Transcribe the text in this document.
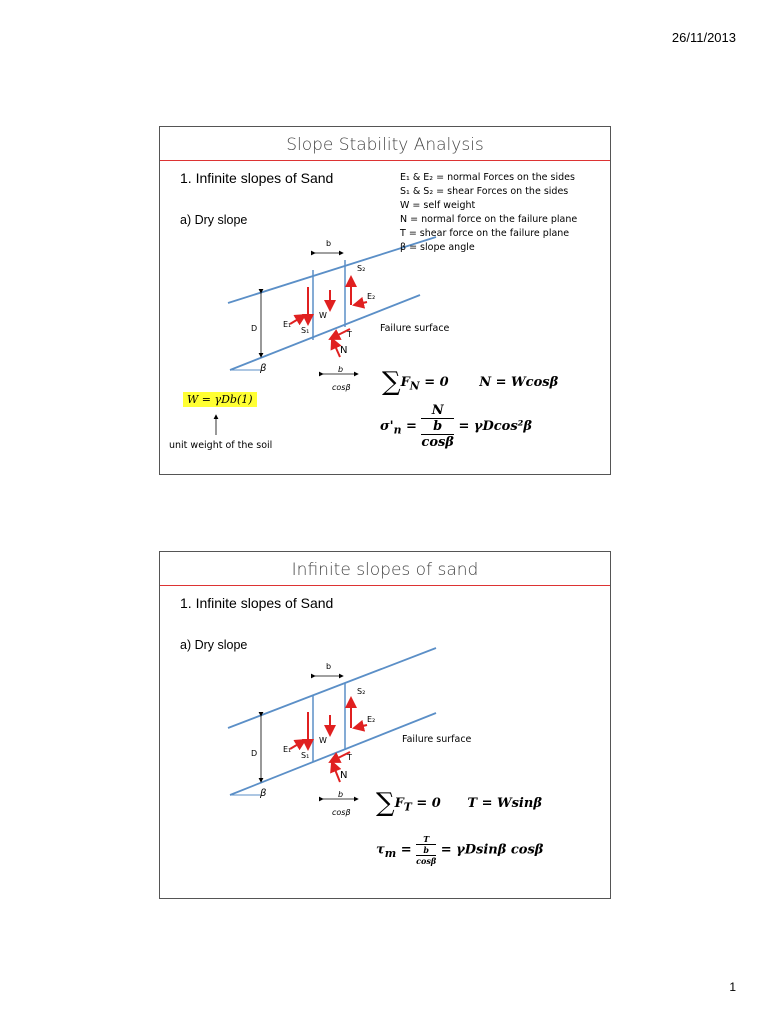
26/11/2013
Slope Stability Analysis
1. Infinite slopes of Sand
a) Dry slope
E₁ & E₂ = normal Forces on the sides
S₁ & S₂ = shear Forces on the sides
W = self weight
N = normal force on the failure plane
T = shear force on the failure plane
β = slope angle
b
D
β
E₁
S₁
W
S₂
E₂
T
N
b
cosβ
Failure surface
W = γDb(1)
unit weight of the soil
$\sum F_N = 0$ N = Wcosβ
$\sigma'_n = N$
b
cosβ = γDcos²β
Infinite slopes of sand
1. Infinite slopes of Sand
a) Dry slope
b
D
β
E₁
S₁
W
S₂
E₂
T
N
b
cosβ
Failure surface
$\sum F_T = 0$ T = Wsinβ
$\tau_m = T$
b
cosβ = γDsinβ cosβ
1
